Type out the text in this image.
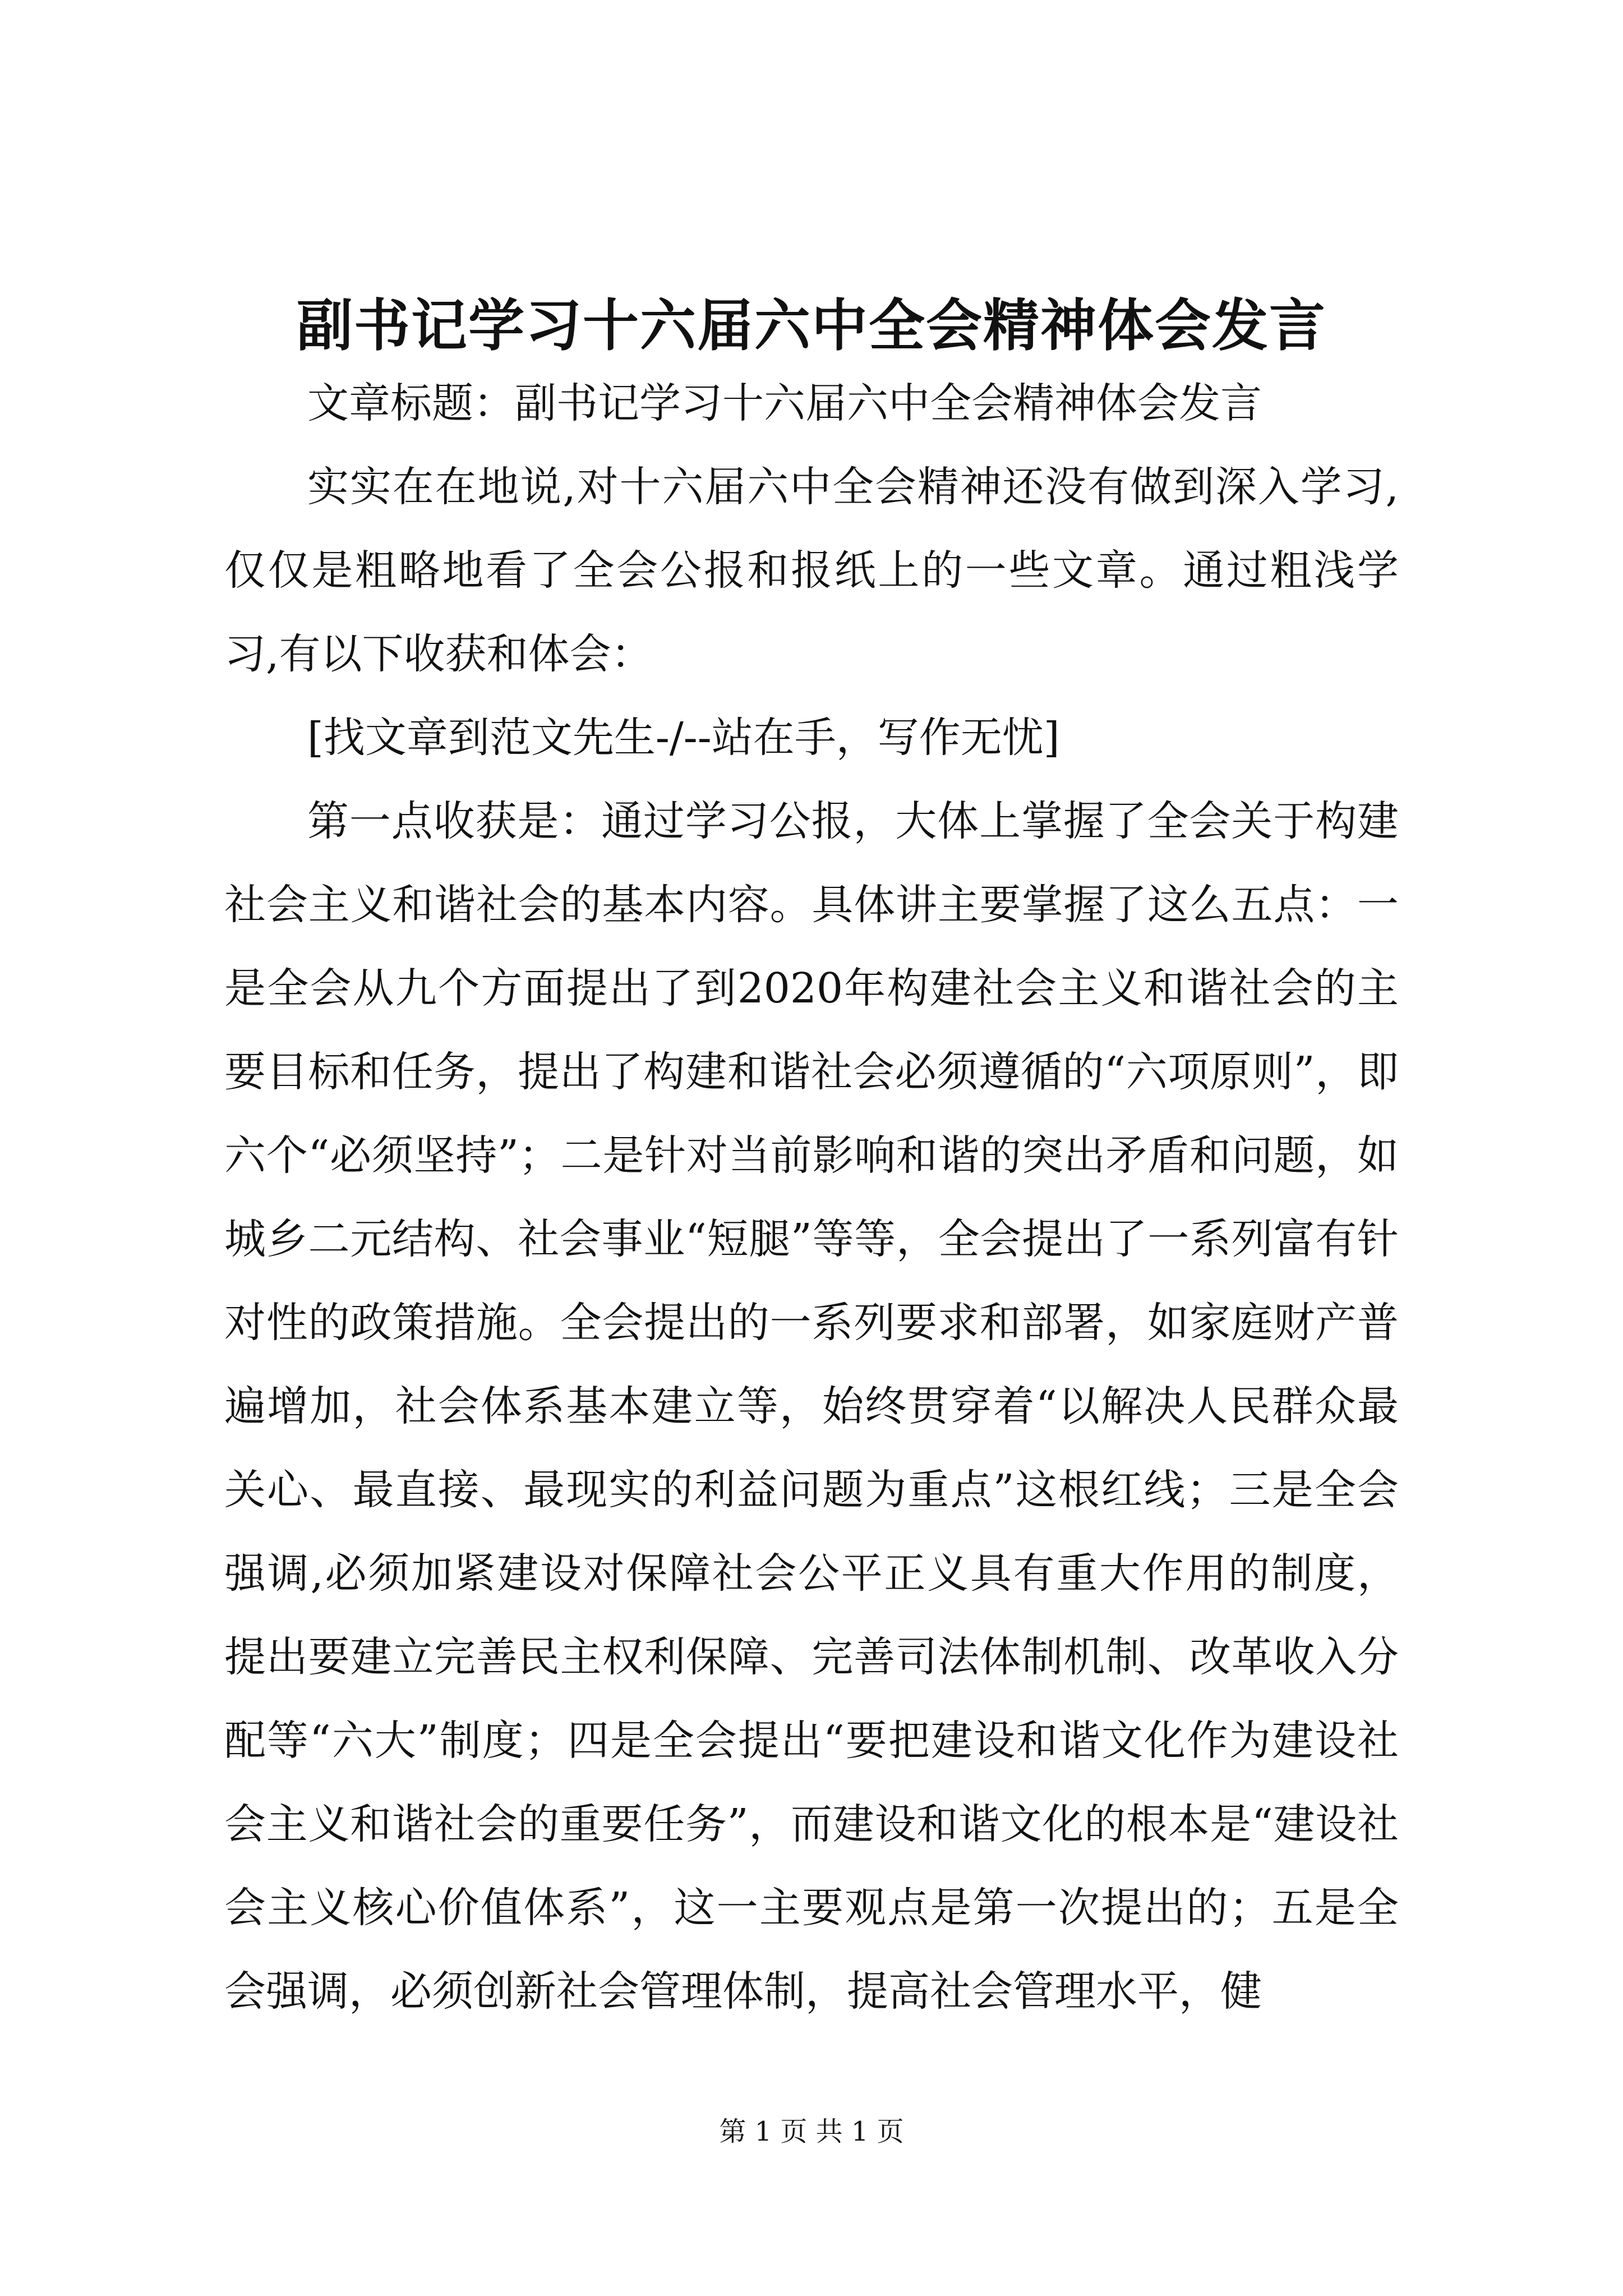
副书记学习十六届六中全会精神体会发言

文章标题：副书记学习十六届六中全会精神体会发言

实实在在地说,对十六届六中全会精神还没有做到深入学习,仅仅是粗略地看了全会公报和报纸上的一些文章。通过粗浅学习,有以下收获和体会：

[找文章到范文先生-/--站在手，写作无忧]

第一点收获是：通过学习公报，大体上掌握了全会关于构建社会主义和谐社会的基本内容。具体讲主要掌握了这么五点：一是全会从九个方面提出了到2020年构建社会主义和谐社会的主要目标和任务，提出了构建和谐社会必须遵循的“六项原则”，即六个“必须坚持”；二是针对当前影响和谐的突出矛盾和问题，如城乡二元结构、社会事业“短腿”等等，全会提出了一系列富有针对性的政策措施。全会提出的一系列要求和部署，如家庭财产普遍增加，社会体系基本建立等，始终贯穿着“以解决人民群众最关心、最直接、最现实的利益问题为重点”这根红线；三是全会强调,必须加紧建设对保障社会公平正义具有重大作用的制度，提出要建立完善民主权利保障、完善司法体制机制、改革收入分配等“六大”制度；四是全会提出“要把建设和谐文化作为建设社会主义和谐社会的重要任务”，而建设和谐文化的根本是“建设社会主义核心价值体系”，这一主要观点是第一次提出的；五是全会强调，必须创新社会管理体制，提高社会管理水平，健

第 1 页 共 1 页
